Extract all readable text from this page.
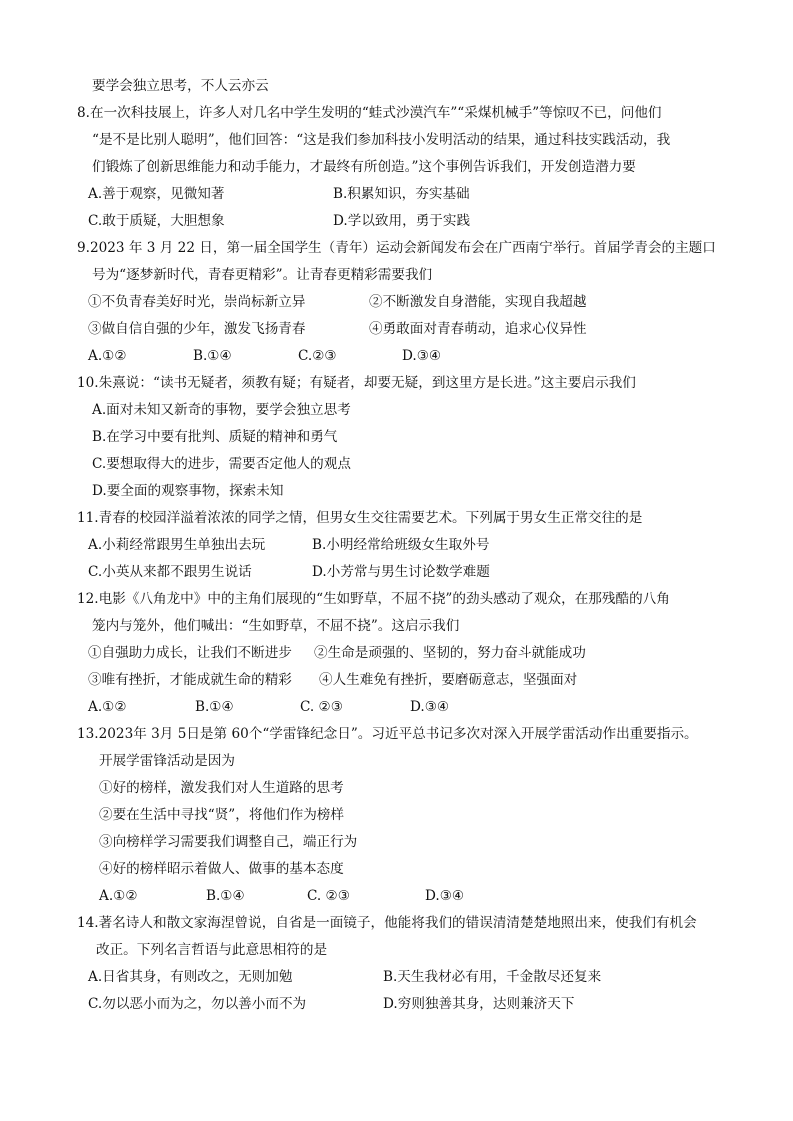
要学会独立思考，不人云亦云
8.在一次科技展上，许多人对几名中学生发明的“蛙式沙漠汽车”“采煤机械手”等惊叹不已，问他们
“是不是比别人聪明”，他们回答：“这是我们参加科技小发明活动的结果，通过科技实践活动，我
们锻炼了创新思维能力和动手能力，才最终有所创造。”这个事例告诉我们，开发创造潜力要
A.善于观察，见微知著	B.积累知识，夯实基础
C.敢于质疑，大胆想象	D.学以致用，勇于实践
9.2023 年 3 月 22 日，第一届全国学生（青年）运动会新闻发布会在广西南宁举行。首届学青会的主题口
号为“逐梦新时代，青春更精彩”。让青春更精彩需要我们
①不负青春美好时光，崇尚标新立异	②不断激发自身潜能，实现自我超越
③做自信自强的少年，激发飞扬青春	④勇敢面对青春萌动，追求心仪异性
A.①②	B.①④	C.②③	D.③④
10.朱熹说：“读书无疑者，须教有疑；有疑者，却要无疑，到这里方是长进。”这主要启示我们
A.面对未知又新奇的事物，要学会独立思考
B.在学习中要有批判、质疑的精神和勇气
C.要想取得大的进步，需要否定他人的观点
D.要全面的观察事物，探索未知
11.青春的校园洋溢着浓浓的同学之情，但男女生交往需要艺术。下列属于男女生正常交往的是
A.小莉经常跟男生单独出去玩	B.小明经常给班级女生取外号
C.小英从来都不跟男生说话	D.小芳常与男生讨论数学难题
12.电影《八角龙中》中的主角们展现的“生如野草，不屈不挠”的劲头感动了观众，在那残酷的八角
笼内与笼外，他们喊出：“生如野草，不屈不挠”。这启示我们
①自强助力成长，让我们不断进步 ②生命是顽强的、坚韧的，努力奋斗就能成功
③唯有挫折，才能成就生命的精彩 ④人生难免有挫折，要磨砺意志，坚强面对
A.①②	B.①④	C. ②③	D.③④
13.2023年 3月 5日是第 60个“学雷锋纪念日”。习近平总书记多次对深入开展学雷活动作出重要指示。
开展学雷锋活动是因为
①好的榜样，激发我们对人生道路的思考
②要在生活中寻找“贤”，将他们作为榜样
③向榜样学习需要我们调整自己，端正行为
④好的榜样昭示着做人、做事的基本态度
A.①②	B.①④	C. ②③	D.③④
14.著名诗人和散文家海涅曾说，自省是一面镜子，他能将我们的错误清清楚楚地照出来，使我们有机会
改正。下列名言哲语与此意思相符的是
A.日省其身，有则改之，无则加勉	B.天生我材必有用，千金散尽还复来
C.勿以恶小而为之，勿以善小而不为	D.穷则独善其身，达则兼济天下
